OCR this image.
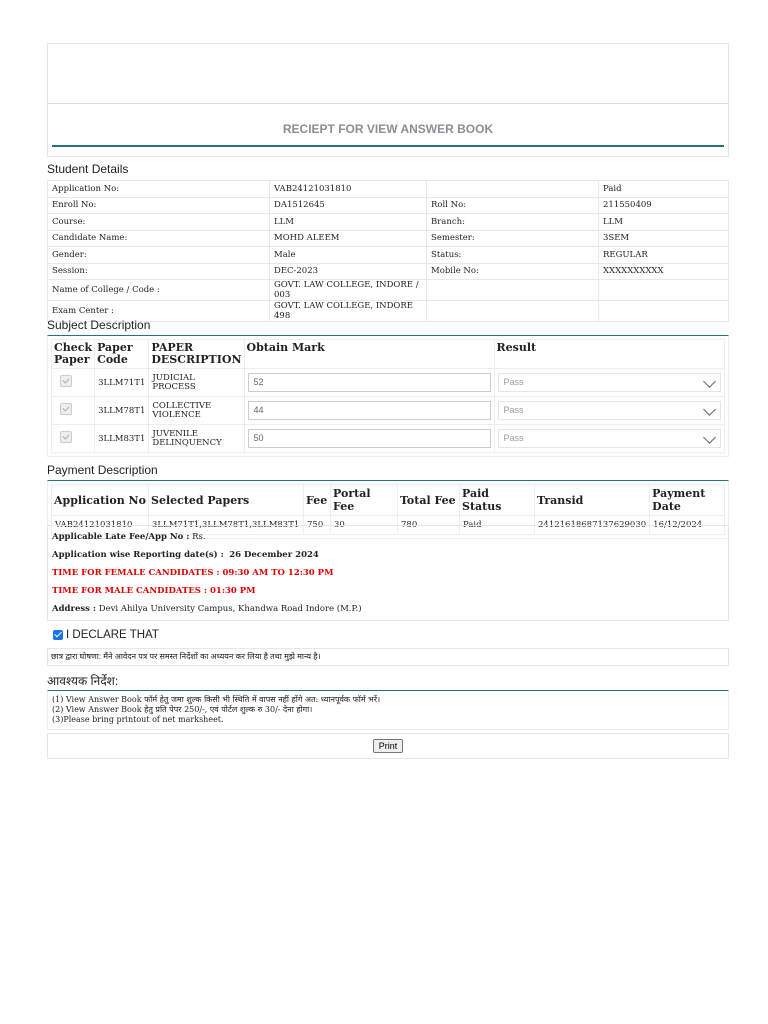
RECIEPT FOR VIEW ANSWER BOOK
Student Details
Application No:	VAB24121031810		Paid
Enroll No:	DA1512645	Roll No:	211550409
Course:	LLM	Branch:	LLM
Candidate Name:	MOHD ALEEM	Semester:	3SEM
Gender:	Male	Status:	REGULAR
Session:	DEC-2023	Mobile No:	XXXXXXXXXX
Name of College / Code :	GOVT. LAW COLLEGE, INDORE / 003		
Exam Center :	GOVT. LAW COLLEGE, INDORE 498		
Subject Description
Check Paper	Paper Code	PAPER DESCRIPTION	Obtain Mark	Result
	3LLM71T1	JUDICIAL PROCESS	52	Pass

	3LLM78T1	COLLECTIVE VIOLENCE	44	Pass

	3LLM83T1	JUVENILE DELINQUENCY	50	Pass
Payment Description
Application No	Selected Papers	Fee	Portal Fee	Total Fee	Paid Status	Transid	Payment Date
VAB24121031810	3LLM71T1,3LLM78T1,3LLM83T1	750	30	780	Paid	24121618687137629030	16/12/2024

Applicable Late Fee/App No : Rs.

Application wise Reporting date(s) : 26 December 2024

TIME FOR FEMALE CANDIDATES : 09:30 AM TO 12:30 PM

TIME FOR MALE CANDIDATES : 01:30 PM

Address : Devi Ahilya University Campus, Khandwa Road Indore (M.P.)

I DECLARE THAT
छात्र द्वारा घोषणा: मैंने आवेदन पत्र पर समस्त निर्देशों का अध्ययन कर लिया है तथा मुझे मान्य है।
आवश्यक निर्देश:
(1) View Answer Book फॉर्म हेतु जमा शुल्क किसी भी स्थिति में वापस नहीं होंगे अत: ध्यानपूर्वक फॉर्म भरें।
(2) View Answer Book हेतु प्रति पेपर 250/-, एवं पोर्टल शुल्क रु 30/- देना होगा।
(3)Please bring printout of net marksheet.
Print
